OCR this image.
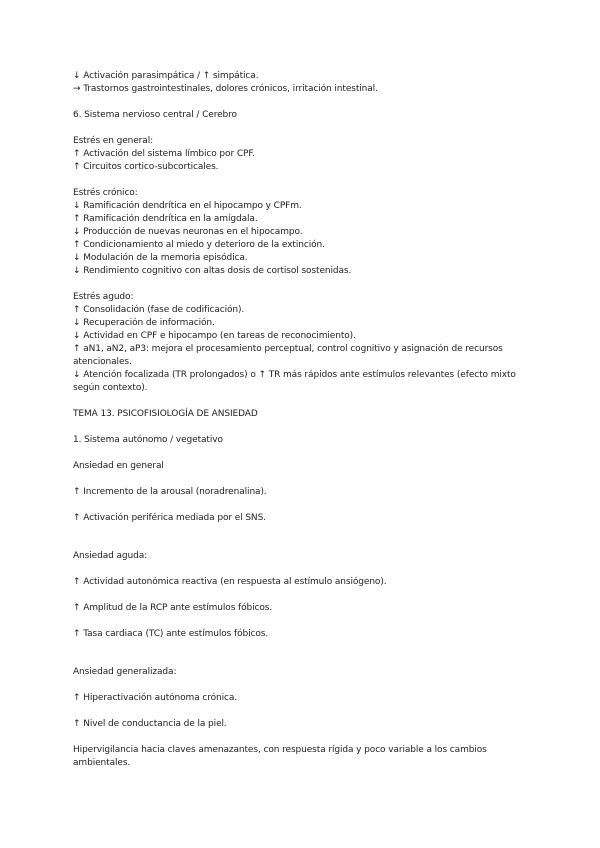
↓ Activación parasimpática / ↑ simpática.
→ Trastornos gastrointestinales, dolores crónicos, irritación intestinal.
6. Sistema nervioso central / Cerebro
Estrés en general:
↑ Activación del sistema límbico por CPF.
↑ Circuitos cortico-subcorticales.
Estrés crónico:
↓ Ramificación dendrítica en el hipocampo y CPFm.
↑ Ramificación dendrítica en la amígdala.
↓ Producción de nuevas neuronas en el hipocampo.
↑ Condicionamiento al miedo y deterioro de la extinción.
↓ Modulación de la memoria episódica.
↓ Rendimiento cognitivo con altas dosis de cortisol sostenidas.
Estrés agudo:
↑ Consolidación (fase de codificación).
↓ Recuperación de información.
↓ Actividad en CPF e hipocampo (en tareas de reconocimiento).
↑ aN1, aN2, aP3: mejora el procesamiento perceptual, control cognitivo y asignación de recursos atencionales.
↓ Atención focalizada (TR prolongados) o ↑ TR más rápidos ante estímulos relevantes (efecto mixto según contexto).
TEMA 13. PSICOFISIOLOGÍA DE ANSIEDAD
1. Sistema autónomo / vegetativo
Ansiedad en general
↑ Incremento de la arousal (noradrenalina).
↑ Activación periférica mediada por el SNS.
Ansiedad aguda:
↑ Actividad autonómica reactiva (en respuesta al estímulo ansiógeno).
↑ Amplitud de la RCP ante estímulos fóbicos.
↑ Tasa cardiaca (TC) ante estímulos fóbicos.
Ansiedad generalizada:
↑ Hiperactivación autónoma crónica.
↑ Nivel de conductancia de la piel.
Hipervigilancia hacia claves amenazantes, con respuesta rígida y poco variable a los cambios ambientales.
